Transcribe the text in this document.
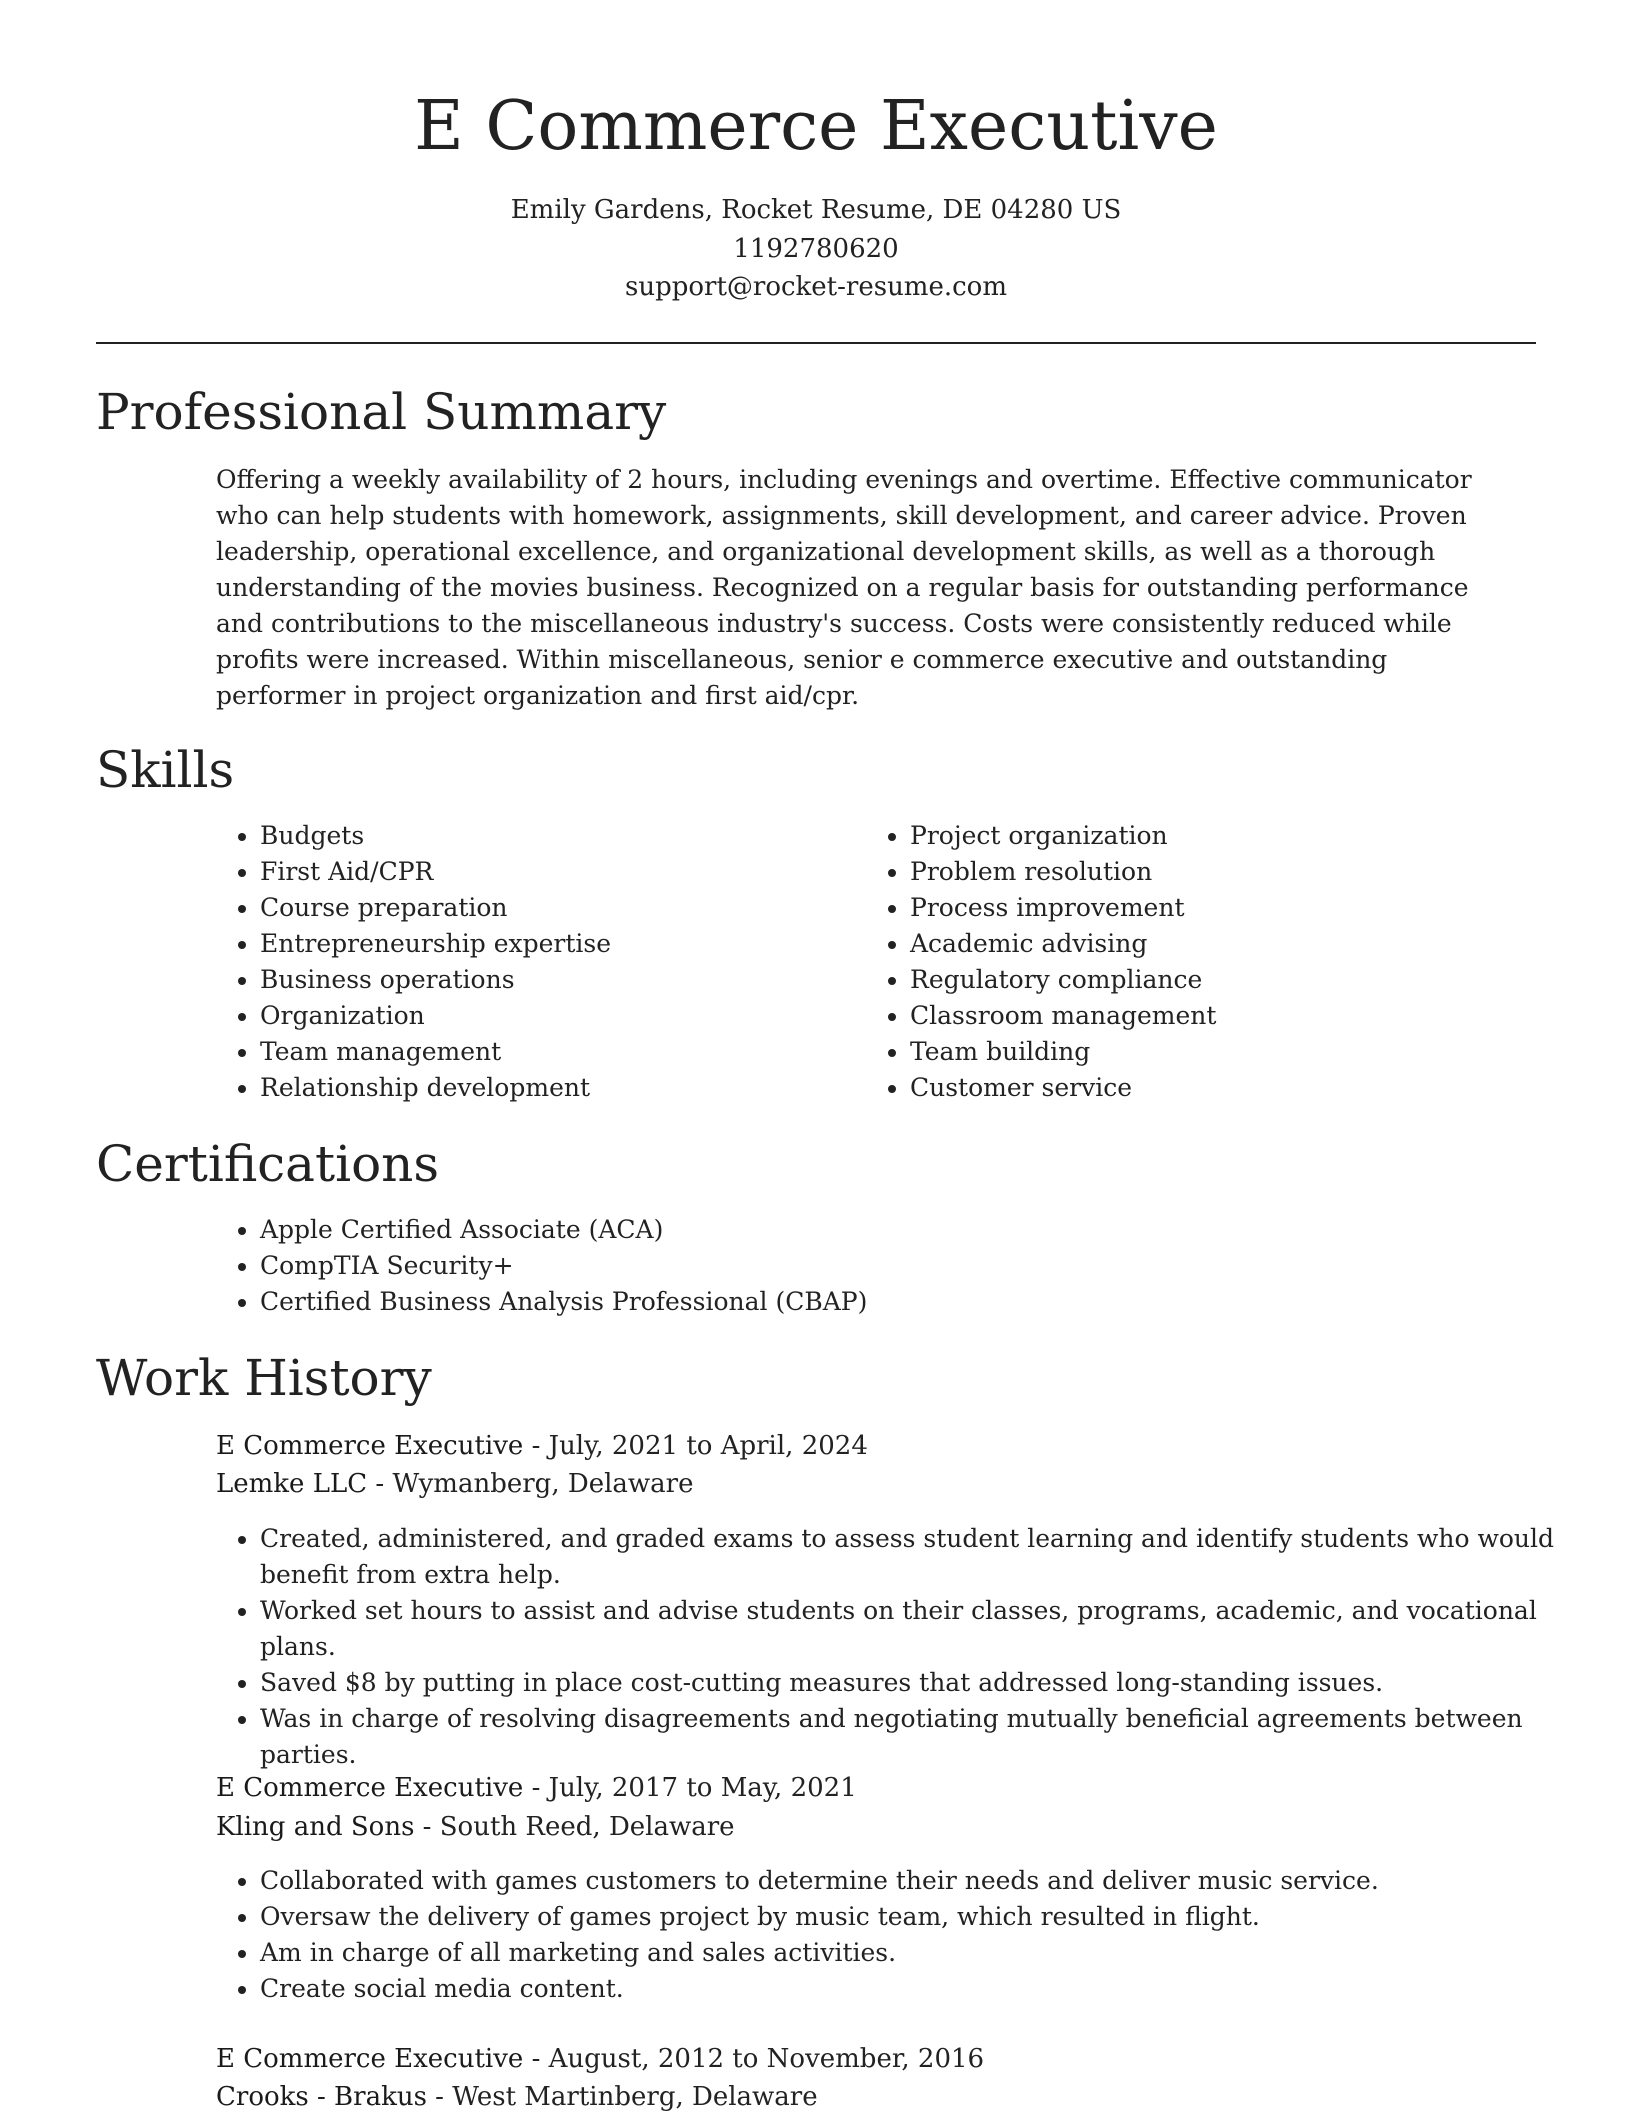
E Commerce Executive
Emily Gardens, Rocket Resume, DE 04280 US
1192780620
support@rocket-resume.com
Professional Summary

Offering a weekly availability of 2 hours, including evenings and overtime. Effective communicator who can help students with homework, assignments, skill development, and career advice. Proven leadership, operational excellence, and organizational development skills, as well as a thorough understanding of the movies business. Recognized on a regular basis for outstanding performance and contributions to the miscellaneous industry's success. Costs were consistently reduced while profits were increased. Within miscellaneous, senior e commerce executive and outstanding performer in project organization and first aid/cpr.

Skills
• Budgets
• First Aid/CPR
• Course preparation
• Entrepreneurship expertise
• Business operations
• Organization
• Team management
• Relationship development
• Project organization
• Problem resolution
• Process improvement
• Academic advising
• Regulatory compliance
• Classroom management
• Team building
• Customer service
Certifications
• Apple Certified Associate (ACA)
• CompTIA Security+
• Certified Business Analysis Professional (CBAP)
Work History
E Commerce Executive - July, 2021 to April, 2024
Lemke LLC - Wymanberg, Delaware
• Created, administered, and graded exams to assess student learning and identify students who would benefit from extra help.
• Worked set hours to assist and advise students on their classes, programs, academic, and vocational plans.
• Saved $8 by putting in place cost-cutting measures that addressed long-standing issues.
• Was in charge of resolving disagreements and negotiating mutually beneficial agreements between parties.
E Commerce Executive - July, 2017 to May, 2021
Kling and Sons - South Reed, Delaware
• Collaborated with games customers to determine their needs and deliver music service.
• Oversaw the delivery of games project by music team, which resulted in flight.
• Am in charge of all marketing and sales activities.
• Create social media content.
E Commerce Executive - August, 2012 to November, 2016
Crooks - Brakus - West Martinberg, Delaware
